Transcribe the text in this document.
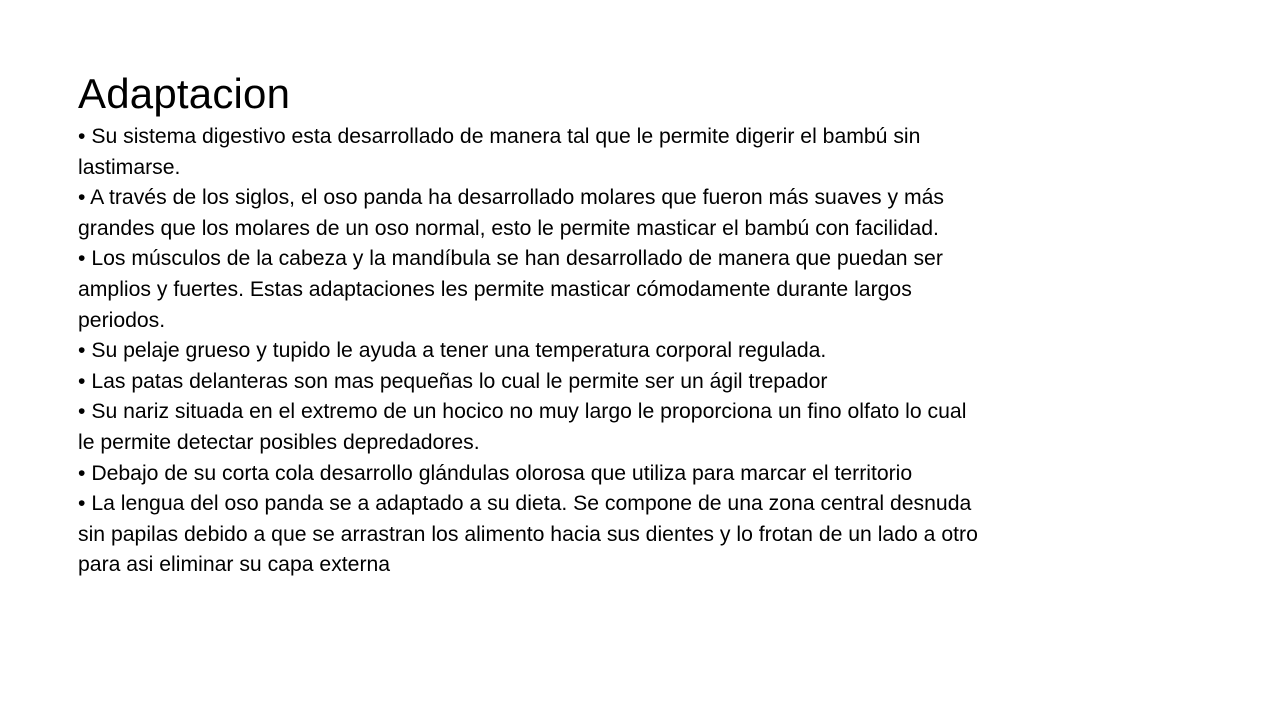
Adaptacion
• Su sistema digestivo esta desarrollado de manera tal que le permite digerir el bambú sin lastimarse.
• A través de los siglos, el oso panda ha desarrollado molares que fueron más suaves y más grandes que los molares de un oso normal, esto le permite masticar el bambú con facilidad.
• Los músculos de la cabeza y la mandíbula se han desarrollado de manera que puedan ser amplios y fuertes. Estas adaptaciones les permite masticar cómodamente durante largos periodos.
• Su pelaje grueso y tupido le ayuda a tener una temperatura corporal regulada.
• Las patas delanteras son mas pequeñas lo cual le permite ser un ágil trepador
• Su nariz situada en el extremo de un hocico no muy largo le proporciona un fino olfato lo cual le permite detectar posibles depredadores.
• Debajo de su corta cola desarrollo glándulas olorosa que utiliza para marcar el territorio
• La lengua del oso panda se a adaptado a su dieta. Se compone de una zona central desnuda sin papilas debido a que se arrastran los alimento hacia sus dientes y lo frotan de un lado a otro para asi eliminar su capa externa
